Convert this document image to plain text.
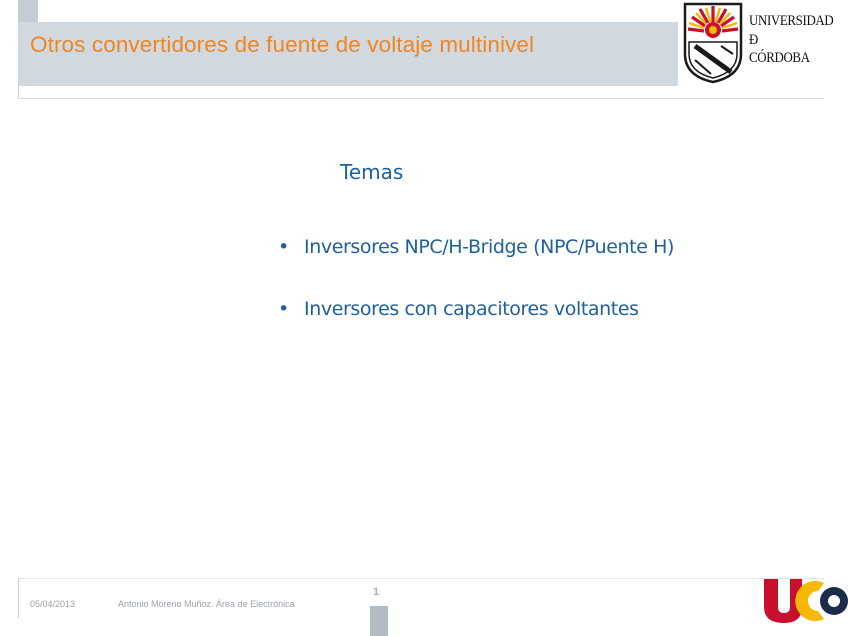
Otros convertidores de fuente de voltaje multinivel
UNIVERSIDAD
Ð
CÓRDOBA
Temas
• Inversores NPC/H-Bridge (NPC/Puente H)
• Inversores con capacitores voltantes
05/04/2013	Antonio Moreno Muñoz. Área de Electrónica
1
